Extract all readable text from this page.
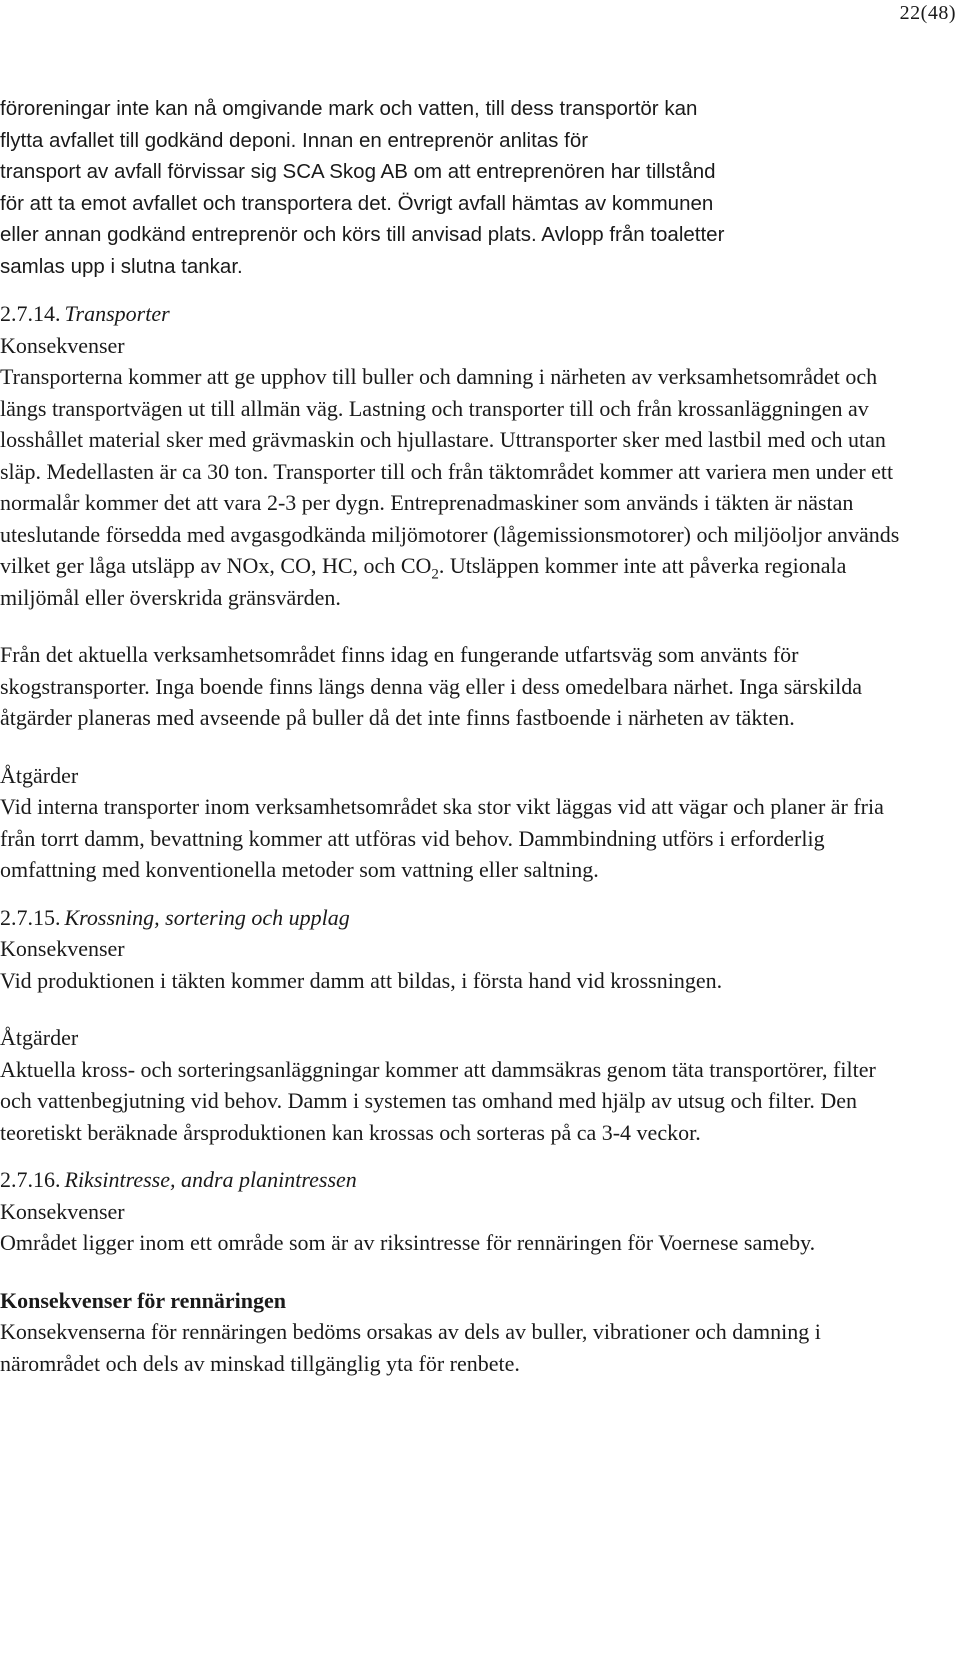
22(48)

föroreningar inte kan nå omgivande mark och vatten, till dess transportör kan

flytta avfallet till godkänd deponi. Innan en entreprenör anlitas för

transport av avfall förvissar sig SCA Skog AB om att entreprenören har tillstånd

för att ta emot avfallet och transportera det. Övrigt avfall hämtas av kommunen

eller annan godkänd entreprenör och körs till anvisad plats. Avlopp från toaletter

samlas upp i slutna tankar.

2.7.14. Transporter

Konsekvenser

Transporterna kommer att ge upphov till buller och damning i närheten av verksamhetsområdet och längs transportvägen ut till allmän väg. Lastning och transporter till och från krossanläggningen av losshållet material sker med grävmaskin och hjullastare. Uttransporter sker med lastbil med och utan släp. Medellasten är ca 30 ton. Transporter till och från täktområdet kommer att variera men under ett normalår kommer det att vara 2-3 per dygn. Entreprenadmaskiner som används i täkten är nästan uteslutande försedda med avgasgodkända miljömotorer (lågemissionsmotorer) och miljöoljor används vilket ger låga utsläpp av NOx, CO, HC, och $CO_2$. Utsläppen kommer inte att påverka regionala miljömål eller överskrida gränsvärden.

Från det aktuella verksamhetsområdet finns idag en fungerande utfartsväg som använts för skogstransporter. Inga boende finns längs denna väg eller i dess omedelbara närhet. Inga särskilda åtgärder planeras med avseende på buller då det inte finns fastboende i närheten av täkten.

Åtgärder

Vid interna transporter inom verksamhetsområdet ska stor vikt läggas vid att vägar och planer är fria från torrt damm, bevattning kommer att utföras vid behov. Dammbindning utförs i erforderlig omfattning med konventionella metoder som vattning eller saltning.

2.7.15. Krossning, sortering och upplag

Konsekvenser

Vid produktionen i täkten kommer damm att bildas, i första hand vid krossningen.

Åtgärder

Aktuella kross- och sorteringsanläggningar kommer att dammsäkras genom täta transportörer, filter och vattenbegjutning vid behov. Damm i systemen tas omhand med hjälp av utsug och filter. Den teoretiskt beräknade årsproduktionen kan krossas och sorteras på ca 3-4 veckor.

2.7.16. Riksintresse, andra planintressen

Konsekvenser

Området ligger inom ett område som är av riksintresse för rennäringen för Voernese sameby.

Konsekvenser för rennäringen

Konsekvenserna för rennäringen bedöms orsakas av dels av buller, vibrationer och damning i närområdet och dels av minskad tillgänglig yta för renbete.
